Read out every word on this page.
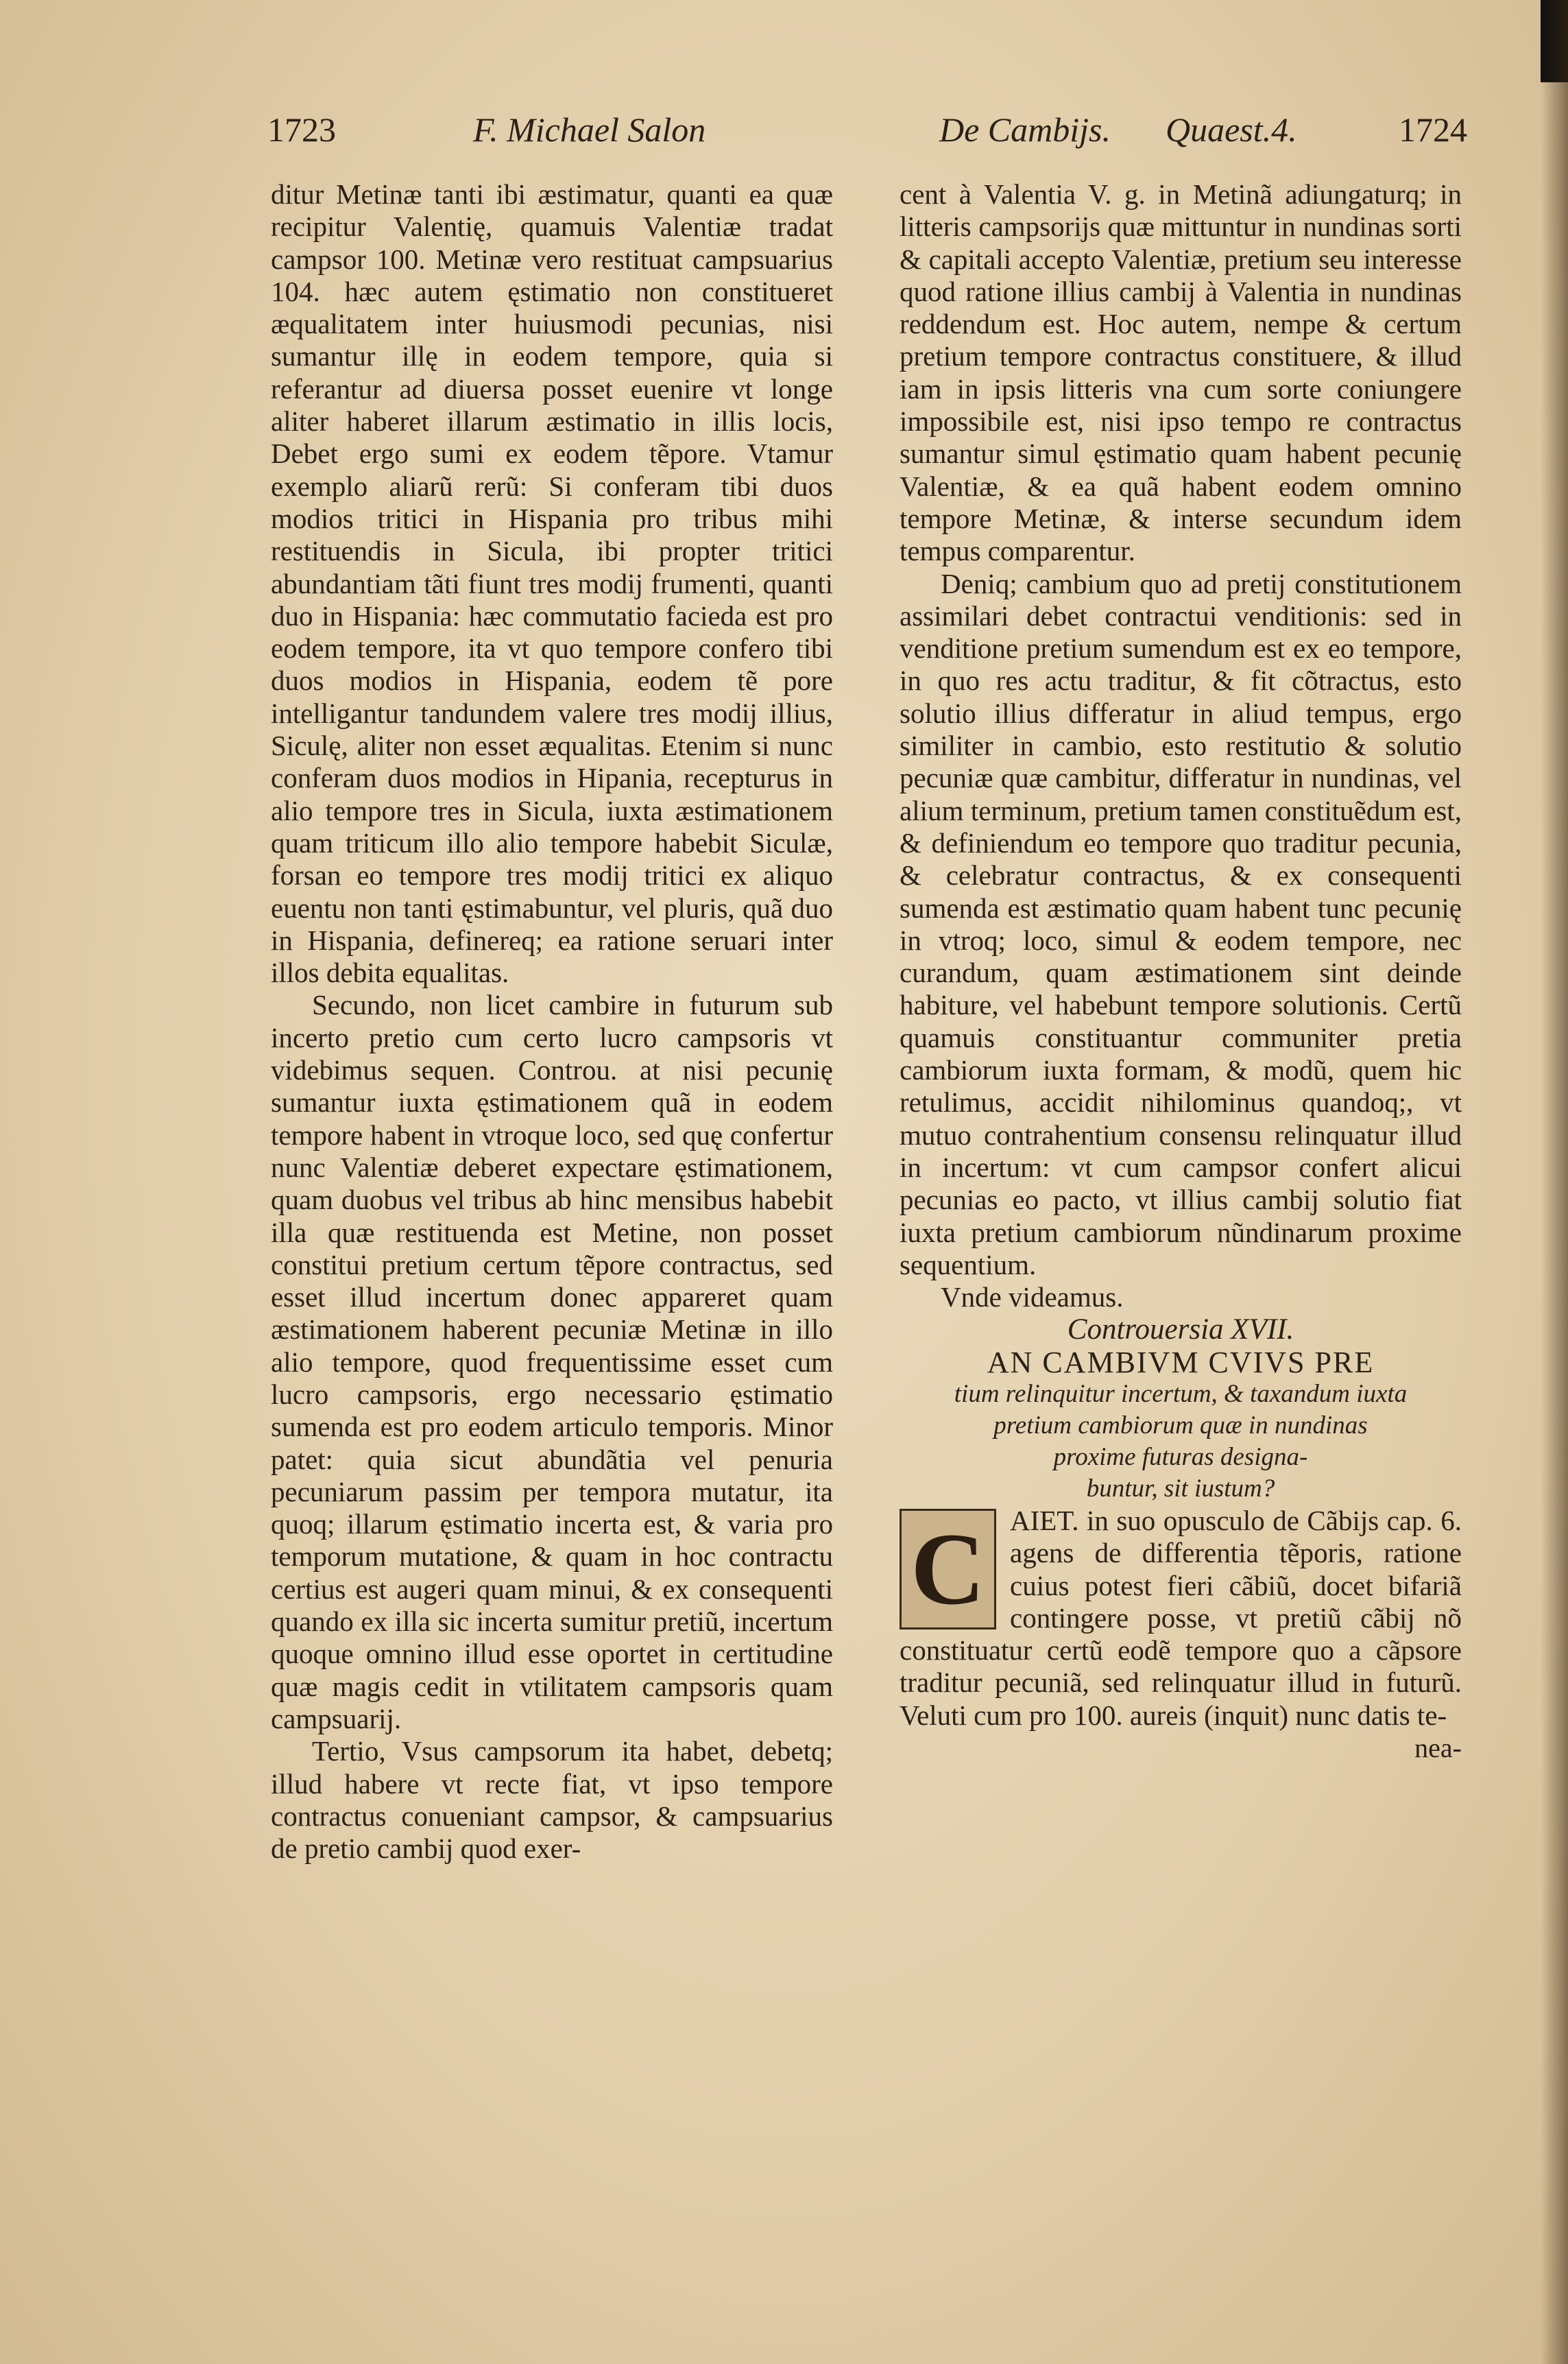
1723	F. Michael Salon	De Cambijs. Quaest.4.	1724

ditur Metinæ tanti ibi æstimatur, quanti ea quæ recipitur Valentię, quamuis Valentiæ tradat campsor 100. Metinæ vero restituat campsuarius 104. hæc autem ęstimatio non constitueret æqualitatem inter huiusmodi pecunias, nisi sumantur illę in eodem tempore, quia si referantur ad diuersa posset euenire vt longe aliter haberet illarum æstimatio in illis locis, Debet ergo sumi ex eodem tẽpore. Vtamur exemplo aliarũ rerũ: Si conferam tibi duos modios tritici in Hispania pro tribus mihi restituendis in Sicula, ibi propter tritici abundantiam tãti fiunt tres modij frumenti, quanti duo in Hispania: hæc commutatio facieda est pro eodem tempore, ita vt quo tempore confero tibi duos modios in Hispania, eodem tẽ pore intelligantur tandundem valere tres modij illius, Siculę, aliter non esset æqualitas. Etenim si nunc conferam duos modios in Hipania, recepturus in alio tempore tres in Sicula, iuxta æstimationem quam triticum illo alio tempore habebit Siculæ, forsan eo tempore tres modij tritici ex aliquo euentu non tanti ęstimabuntur, vel pluris, quã duo in Hispania, definereq; ea ratione seruari inter illos debita equalitas.

Secundo, non licet cambire in futurum sub incerto pretio cum certo lucro campsoris vt videbimus sequen. Controu. at nisi pecunię sumantur iuxta ęstimationem quã in eodem tempore habent in vtroque loco, sed quę confertur nunc Valentiæ deberet expectare ęstimationem, quam duobus vel tribus ab hinc mensibus habebit illa quæ restituenda est Metine, non posset constitui pretium certum tẽpore contractus, sed esset illud incertum donec appareret quam æstimationem haberent pecuniæ Metinæ in illo alio tempore, quod frequentissime esset cum lucro campsoris, ergo necessario ęstimatio sumenda est pro eodem articulo temporis. Minor patet: quia sicut abundãtia vel penuria pecuniarum passim per tempora mutatur, ita quoq; illarum ęstimatio incerta est, & varia pro temporum mutatione, & quam in hoc contractu certius est augeri quam minui, & ex consequenti quando ex illa sic incerta sumitur pretiũ, incertum quoque omnino illud esse oportet in certitudine quæ magis cedit in vtilitatem campsoris quam campsuarij.

Tertio, Vsus campsorum ita habet, debetq; illud habere vt recte fiat, vt ipso tempore contractus conueniant campsor, & campsuarius de pretio cambij quod exer-

cent à Valentia V. g. in Metinã adiungaturq; in litteris campsorijs quæ mittuntur in nundinas sorti & capitali accepto Valentiæ, pretium seu interesse quod ratione illius cambij à Valentia in nundinas reddendum est. Hoc autem, nempe & certum pretium tempore contractus constituere, & illud iam in ipsis litteris vna cum sorte coniungere impossibile est, nisi ipso tempo re contractus sumantur simul ęstimatio quam habent pecunię Valentiæ, & ea quã habent eodem omnino tempore Metinæ, & interse secundum idem tempus comparentur.

Deniq; cambium quo ad pretij constitutionem assimilari debet contractui venditionis: sed in venditione pretium sumendum est ex eo tempore, in quo res actu traditur, & fit cõtractus, esto solutio illius differatur in aliud tempus, ergo similiter in cambio, esto restitutio & solutio pecuniæ quæ cambitur, differatur in nundinas, vel alium terminum, pretium tamen constituẽdum est, & definiendum eo tempore quo traditur pecunia, & celebratur contractus, & ex consequenti sumenda est æstimatio quam habent tunc pecunię in vtroq; loco, simul & eodem tempore, nec curandum, quam æstimationem sint deinde habiture, vel habebunt tempore solutionis. Certũ quamuis constituantur communiter pretia cambiorum iuxta formam, & modũ, quem hic retulimus, accidit nihilominus quandoq;, vt mutuo contrahentium consensu relinquatur illud in incertum: vt cum campsor confert alicui pecunias eo pacto, vt illius cambij solutio fiat iuxta pretium cambiorum nũndinarum proxime sequentium.

Vnde videamus.

Controuersia XVII.

AN CAMBIVM CVIVS PRE

tium relinquitur incertum, & taxandum iuxta

pretium cambiorum quæ in nundinas

proxime futuras designa-

buntur, sit iustum?

C AIET. in suo opusculo de Cãbijs cap. 6. agens de differentia tẽporis, ratione cuius potest fieri cãbiũ, docet bifariã contingere posse, vt pretiũ cãbij nõ constituatur certũ eodẽ tempore quo a cãpsore traditur pecuniã, sed relinquatur illud in futurũ. Veluti cum pro 100. aureis (inquit) nunc datis te-

nea-
